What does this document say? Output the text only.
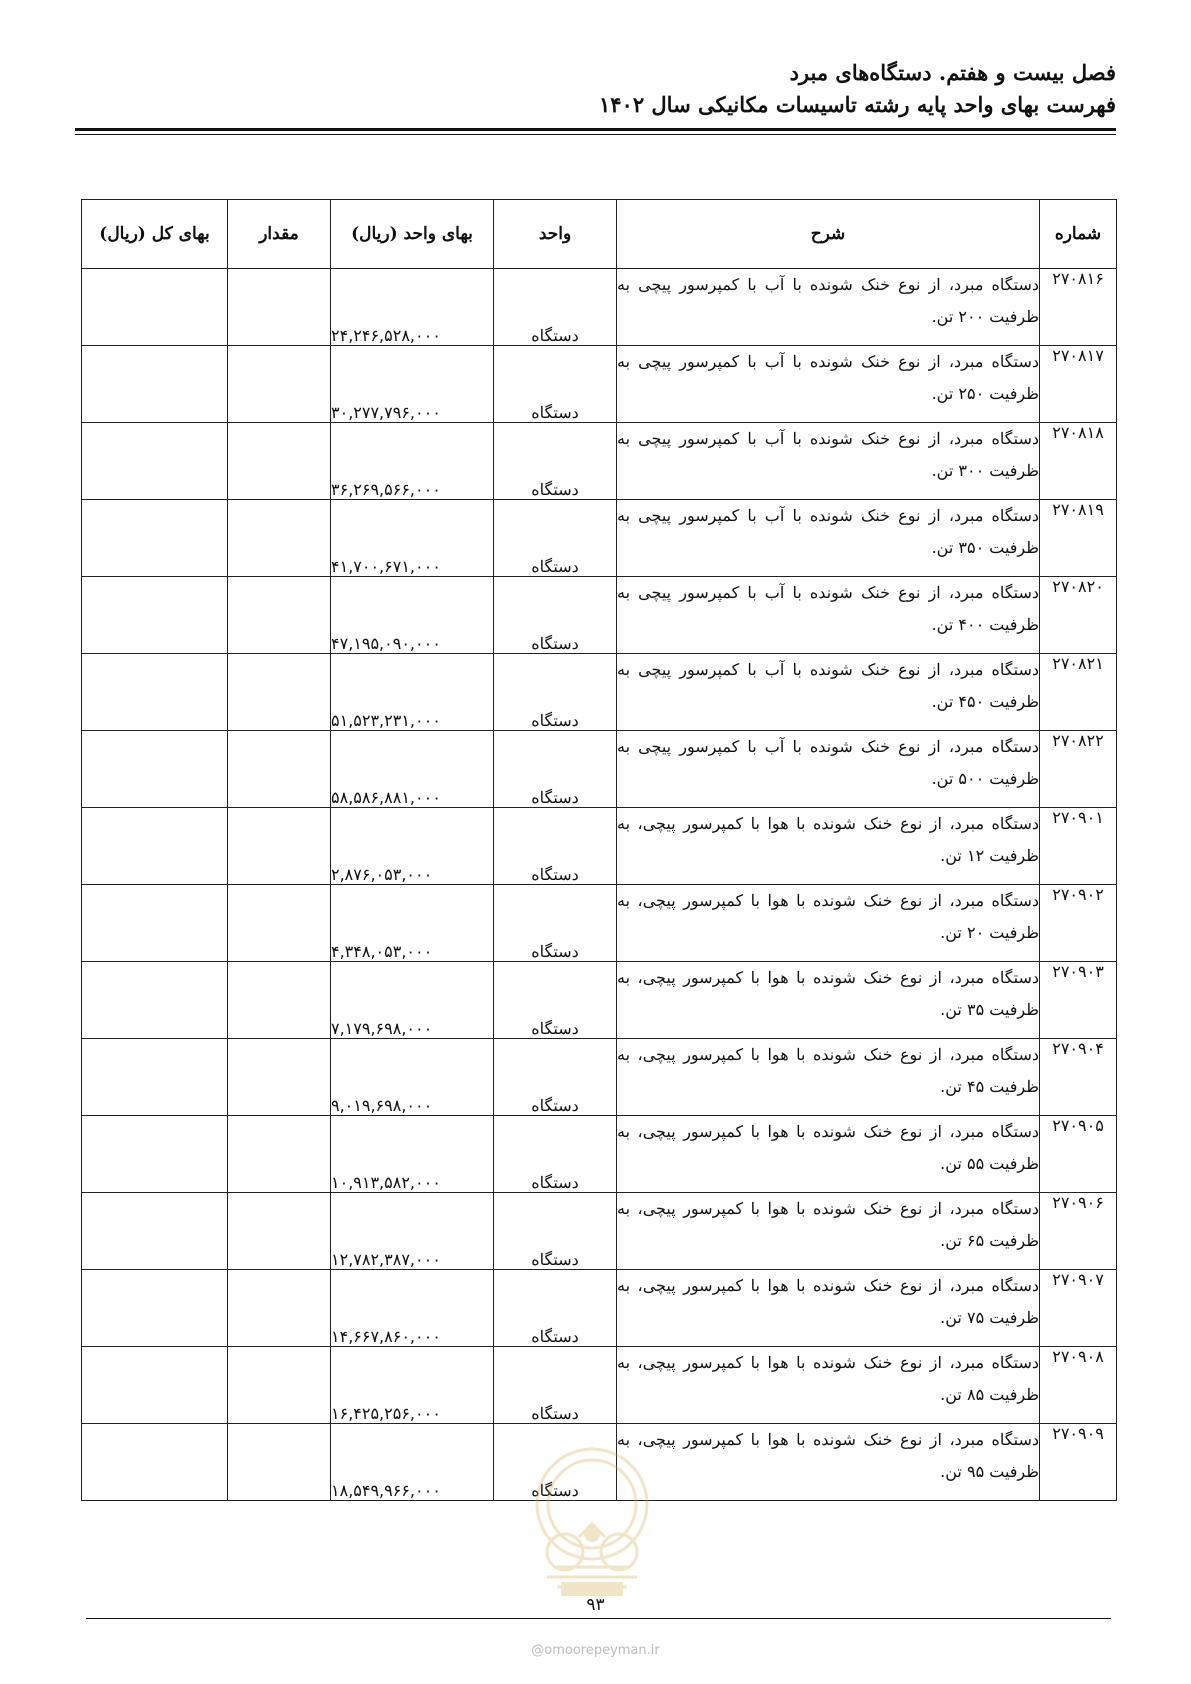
فصل بیست و هفتم. دستگاه‌های مبرد
فهرست بهای واحد پایه رشته تاسیسات مکانیکی سال ۱۴۰۲
شماره	شرح	واحد	بهای واحد (ریال)	مقدار	بهای کل (ریال)
۲۷۰۸۱۶	دستگاه مبرد، از نوع خنک شونده با آب با کمپرسور پیچی به ظرفیت ۲۰۰ تن.	دستگاه	۲۴,۲۴۶,۵۲۸,۰۰۰		
۲۷۰۸۱۷	دستگاه مبرد، از نوع خنک شونده با آب با کمپرسور پیچی به ظرفیت ۲۵۰ تن.	دستگاه	۳۰,۲۷۷,۷۹۶,۰۰۰		
۲۷۰۸۱۸	دستگاه مبرد، از نوع خنک شونده با آب با کمپرسور پیچی به ظرفیت ۳۰۰ تن.	دستگاه	۳۶,۲۶۹,۵۶۶,۰۰۰		
۲۷۰۸۱۹	دستگاه مبرد، از نوع خنک شونده با آب با کمپرسور پیچی به ظرفیت ۳۵۰ تن.	دستگاه	۴۱,۷۰۰,۶۷۱,۰۰۰		
۲۷۰۸۲۰	دستگاه مبرد، از نوع خنک شونده با آب با کمپرسور پیچی به ظرفیت ۴۰۰ تن.	دستگاه	۴۷,۱۹۵,۰۹۰,۰۰۰		
۲۷۰۸۲۱	دستگاه مبرد، از نوع خنک شونده با آب با کمپرسور پیچی به ظرفیت ۴۵۰ تن.	دستگاه	۵۱,۵۲۳,۲۳۱,۰۰۰		
۲۷۰۸۲۲	دستگاه مبرد، از نوع خنک شونده با آب با کمپرسور پیچی به ظرفیت ۵۰۰ تن.	دستگاه	۵۸,۵۸۶,۸۸۱,۰۰۰		
۲۷۰۹۰۱	دستگاه مبرد، از نوع خنک شونده با هوا با کمپرسور پیچی، به ظرفیت ۱۲ تن.	دستگاه	۲,۸۷۶,۰۵۳,۰۰۰		
۲۷۰۹۰۲	دستگاه مبرد، از نوع خنک شونده با هوا با کمپرسور پیچی، به ظرفیت ۲۰ تن.	دستگاه	۴,۳۴۸,۰۵۳,۰۰۰		
۲۷۰۹۰۳	دستگاه مبرد، از نوع خنک شونده با هوا با کمپرسور پیچی، به ظرفیت ۳۵ تن.	دستگاه	۷,۱۷۹,۶۹۸,۰۰۰		
۲۷۰۹۰۴	دستگاه مبرد، از نوع خنک شونده با هوا با کمپرسور پیچی، به ظرفیت ۴۵ تن.	دستگاه	۹,۰۱۹,۶۹۸,۰۰۰		
۲۷۰۹۰۵	دستگاه مبرد، از نوع خنک شونده با هوا با کمپرسور پیچی، به ظرفیت ۵۵ تن.	دستگاه	۱۰,۹۱۳,۵۸۲,۰۰۰		
۲۷۰۹۰۶	دستگاه مبرد، از نوع خنک شونده با هوا با کمپرسور پیچی، به ظرفیت ۶۵ تن.	دستگاه	۱۲,۷۸۲,۳۸۷,۰۰۰		
۲۷۰۹۰۷	دستگاه مبرد، از نوع خنک شونده با هوا با کمپرسور پیچی، به ظرفیت ۷۵ تن.	دستگاه	۱۴,۶۶۷,۸۶۰,۰۰۰		
۲۷۰۹۰۸	دستگاه مبرد، از نوع خنک شونده با هوا با کمپرسور پیچی، به ظرفیت ۸۵ تن.	دستگاه	۱۶,۴۲۵,۲۵۶,۰۰۰		
۲۷۰۹۰۹	دستگاه مبرد، از نوع خنک شونده با هوا با کمپرسور پیچی، به ظرفیت ۹۵ تن.	دستگاه	۱۸,۵۴۹,۹۶۶,۰۰۰		
۹۳
@omoorepeyman.ir
